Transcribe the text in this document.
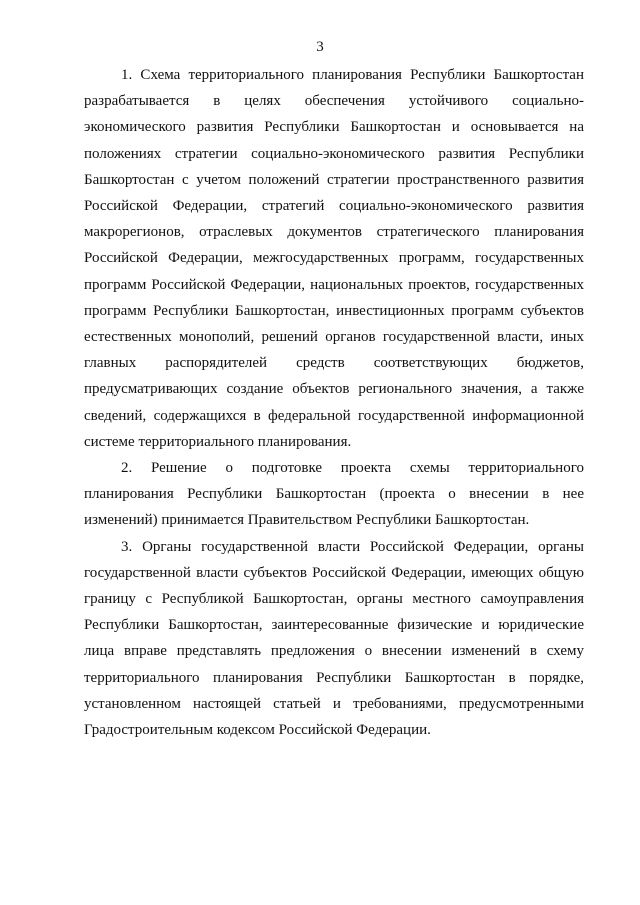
3

1. Схема территориального планирования Республики Башкортостан разрабатывается в целях обеспечения устойчивого социально-экономического развития Республики Башкортостан и основывается на положениях стратегии социально-экономического развития Республики Башкортостан с учетом положений стратегии пространственного развития Российской Федерации, стратегий социально-экономического развития макрорегионов, отраслевых документов стратегического планирования Российской Федерации, межгосударственных программ, государственных программ Российской Федерации, национальных проектов, государственных программ Республики Башкортостан, инвестиционных программ субъектов естественных монополий, решений органов государственной власти, иных главных распорядителей средств соответствующих бюджетов, предусматривающих создание объектов регионального значения, а также сведений, содержащихся в федеральной государственной информационной системе территориального планирования.

2. Решение о подготовке проекта схемы территориального планирования Республики Башкортостан (проекта о внесении в нее изменений) принимается Правительством Республики Башкортостан.

3. Органы государственной власти Российской Федерации, органы государственной власти субъектов Российской Федерации, имеющих общую границу с Республикой Башкортостан, органы местного самоуправления Республики Башкортостан, заинтересованные физические и юридические лица вправе представлять предложения о внесении изменений в схему территориального планирования Республики Башкортостан в порядке, установленном настоящей статьей и требованиями, предусмотренными Градостроительным кодексом Российской Федерации.
